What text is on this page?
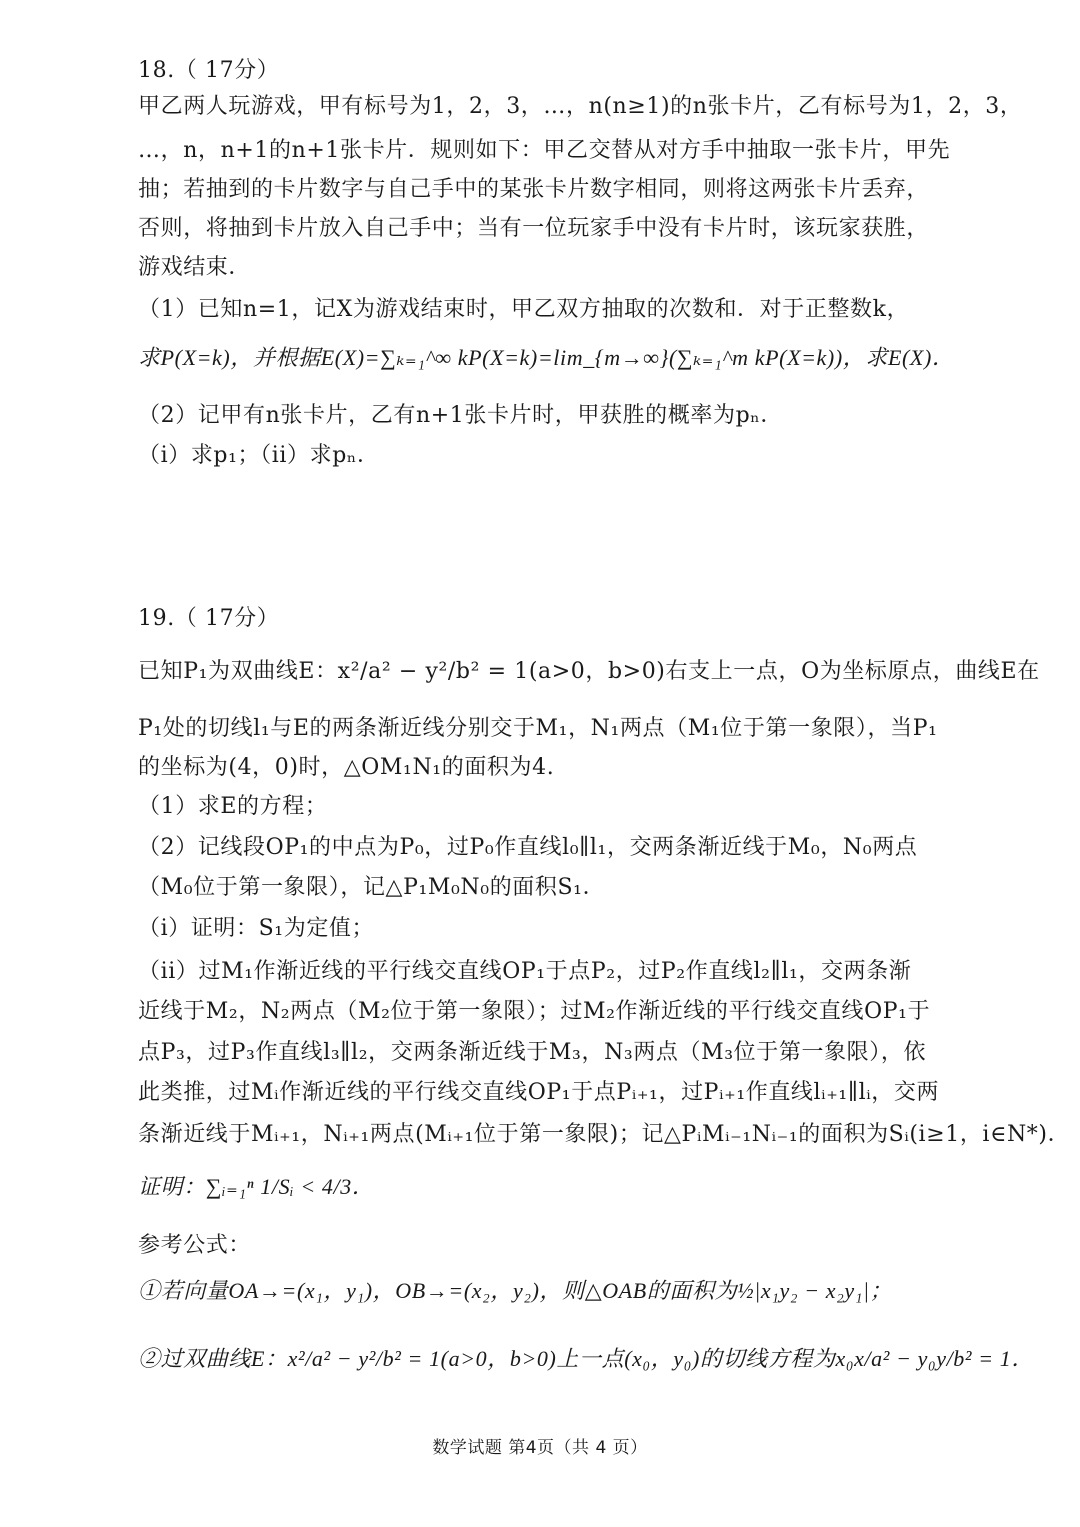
18.（ 17分）
甲乙两人玩游戏，甲有标号为1，2，3，…，n(n≥1)的n张卡片，乙有标号为1，2，3，
…，n，n+1的n+1张卡片．规则如下：甲乙交替从对方手中抽取一张卡片，甲先
抽；若抽到的卡片数字与自己手中的某张卡片数字相同，则将这两张卡片丢弃，
否则，将抽到卡片放入自己手中；当有一位玩家手中没有卡片时，该玩家获胜，
游戏结束．
（1）已知n=1，记X为游戏结束时，甲乙双方抽取的次数和．对于正整数k，
求P(X=k)，并根据E(X)=∑ₖ₌₁^∞ kP(X=k)=lim_{m→∞}(∑ₖ₌₁^m kP(X=k))，求E(X)．
（2）记甲有n张卡片，乙有n+1张卡片时，甲获胜的概率为pₙ．
（i）求p₁；（ii）求pₙ．
19.（ 17分）
已知P₁为双曲线E：x²/a² − y²/b² = 1(a>0，b>0)右支上一点，O为坐标原点，曲线E在
P₁处的切线l₁与E的两条渐近线分别交于M₁，N₁两点（M₁位于第一象限），当P₁
的坐标为(4，0)时，△OM₁N₁的面积为4.
（1）求E的方程；
（2）记线段OP₁的中点为P₀，过P₀作直线l₀∥l₁，交两条渐近线于M₀，N₀两点
（M₀位于第一象限），记△P₁M₀N₀的面积S₁．
（i）证明：S₁为定值；
（ii）过M₁作渐近线的平行线交直线OP₁于点P₂，过P₂作直线l₂∥l₁，交两条渐
近线于M₂，N₂两点（M₂位于第一象限）；过M₂作渐近线的平行线交直线OP₁于
点P₃，过P₃作直线l₃∥l₂，交两条渐近线于M₃，N₃两点（M₃位于第一象限），依
此类推，过Mᵢ作渐近线的平行线交直线OP₁于点Pᵢ₊₁，过Pᵢ₊₁作直线lᵢ₊₁∥lᵢ，交两
条渐近线于Mᵢ₊₁，Nᵢ₊₁两点(Mᵢ₊₁位于第一象限)；记△PᵢMᵢ₋₁Nᵢ₋₁的面积为Sᵢ(i≥1，i∈N*)．
证明：∑ᵢ₌₁ⁿ 1/Sᵢ < 4/3．
参考公式：
①若向量OA→=(x₁，y₁)，OB→=(x₂，y₂)，则△OAB的面积为½|x₁y₂ − x₂y₁|；
②过双曲线E：x²/a² − y²/b² = 1(a>0，b>0)上一点(x₀，y₀)的切线方程为x₀x/a² − y₀y/b² = 1．
数学试题 第4页（共 4 页）
